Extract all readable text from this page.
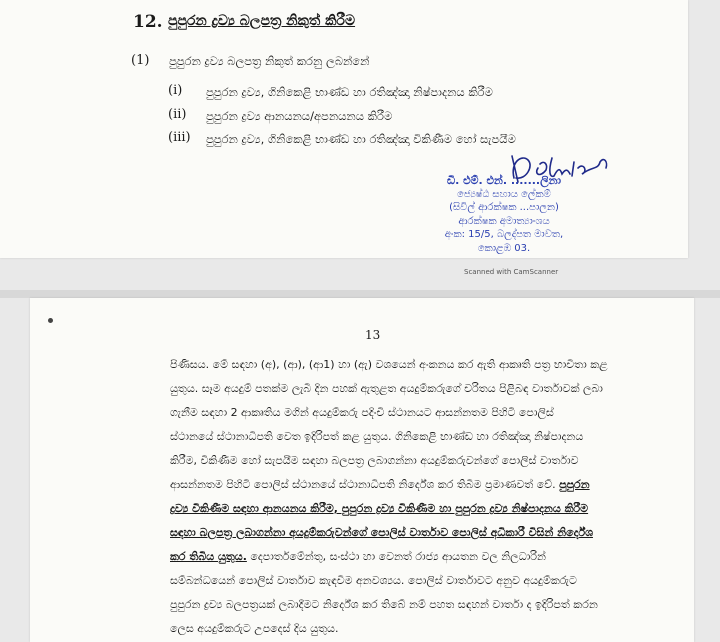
12. පුපුරන ද්‍රව්‍ය බලපත්‍ර නිකුත් කිරීම
(1) පුපුරන ද්‍රව්‍ය බලපත්‍ර නිකුත් කරනු ලබන්නේ
(i) පුපුරන ද්‍රව්‍ය, ගිනිකෙළි භාණ්ඩ හා රතිඤ්ඤා නිෂ්පාදනය කිරීම
(ii) පුපුරන ද්‍රව්‍ය ආනයනය/අපනයනය කිරීම
(iii) පුපුරන ද්‍රව්‍ය, ගිනිකෙළි භාණ්ඩ හා රතිඤ්ඤා විකිණීම හෝ සැපයීම
ඩී. එම්. එන්. .......ලිනා
ජ්‍යෙෂ්ඨ සහාය ලේකම්
(සිවිල් ආරක්ෂක ...පාලන)
ආරක්ෂක අමාත්‍යාංශය
අංක: 15/5, බලද්පත මාවත,
කොළඹ 03.
Scanned with CamScanner
13
පිණිසය. මේ සඳහා (අ), (ආ), (ආ1) හා (ඇ) වශයෙන් අංකනය කර ඇති ආකෘති පත්‍ර භාවිතා කළ
යුතුය. සෑම අයදුම් පතක්ම ලැබී දින පහක් ඇතුළත අයදුම්කරුගේ චරිතය පිළිබඳ වාර්තාවක් ලබා
ගැනීම සඳහා 2 ආකෘතිය මගින් අයදුම්කරු පදිංචි ස්ථානයට ආසන්නතම පිහිටි පොලිස්
ස්ථානයේ ස්ථානාධිපති වෙත ඉදිරිපත් කළ යුතුය. ගිනිකෙළි භාණ්ඩ හා රතිඤ්ඤා නිෂ්පාදනය
කිරීම, විකිණීම හෝ සැපයීම සඳහා බලපත්‍ර ලබාගන්නා අයදුම්කරුවන්ගේ පොලිස් වාර්තාව
ආසන්නතම පිහිටි පොලිස් ස්ථානයේ ස්ථානාධිපති නිර්දේශ කර තිබීම ප්‍රමාණවත් වේ. පුපුරන
ද්‍රව්‍ය විකිණීම සඳහා ආනයනය කිරීම, පුපුරන ද්‍රව්‍ය විකිණීම හා පුපුරන ද්‍රව්‍ය නිෂ්පාදනය කිරීම
සඳහා බලපත්‍ර ලබාගන්නා අයදුම්කරුවන්ගේ පොලිස් වාර්තාව පොලිස් අධිකාරී විසින් නිර්දේශ
කර තිබිය යුතුය. දෙපාර්තමේන්තු, සංස්ථා හා වෙනත් රාජ්‍ය ආයතන වල නිලධාරින්
සම්බන්ධයෙන් පොලිස් වාර්තාව කැඳවීම අනවශ්‍යය. පොලිස් වාර්තාවට අනුව අයදුම්කරුට
පුපුරන ද්‍රව්‍ය බලපත්‍රයක් ලබාදීමට නිර්දේශ කර තිබේ නම් පහත සඳහන් වාර්තා ද ඉදිරිපත් කරන
ලෙස අයදුම්කරුට උපදෙස් දිය යුතුය.
